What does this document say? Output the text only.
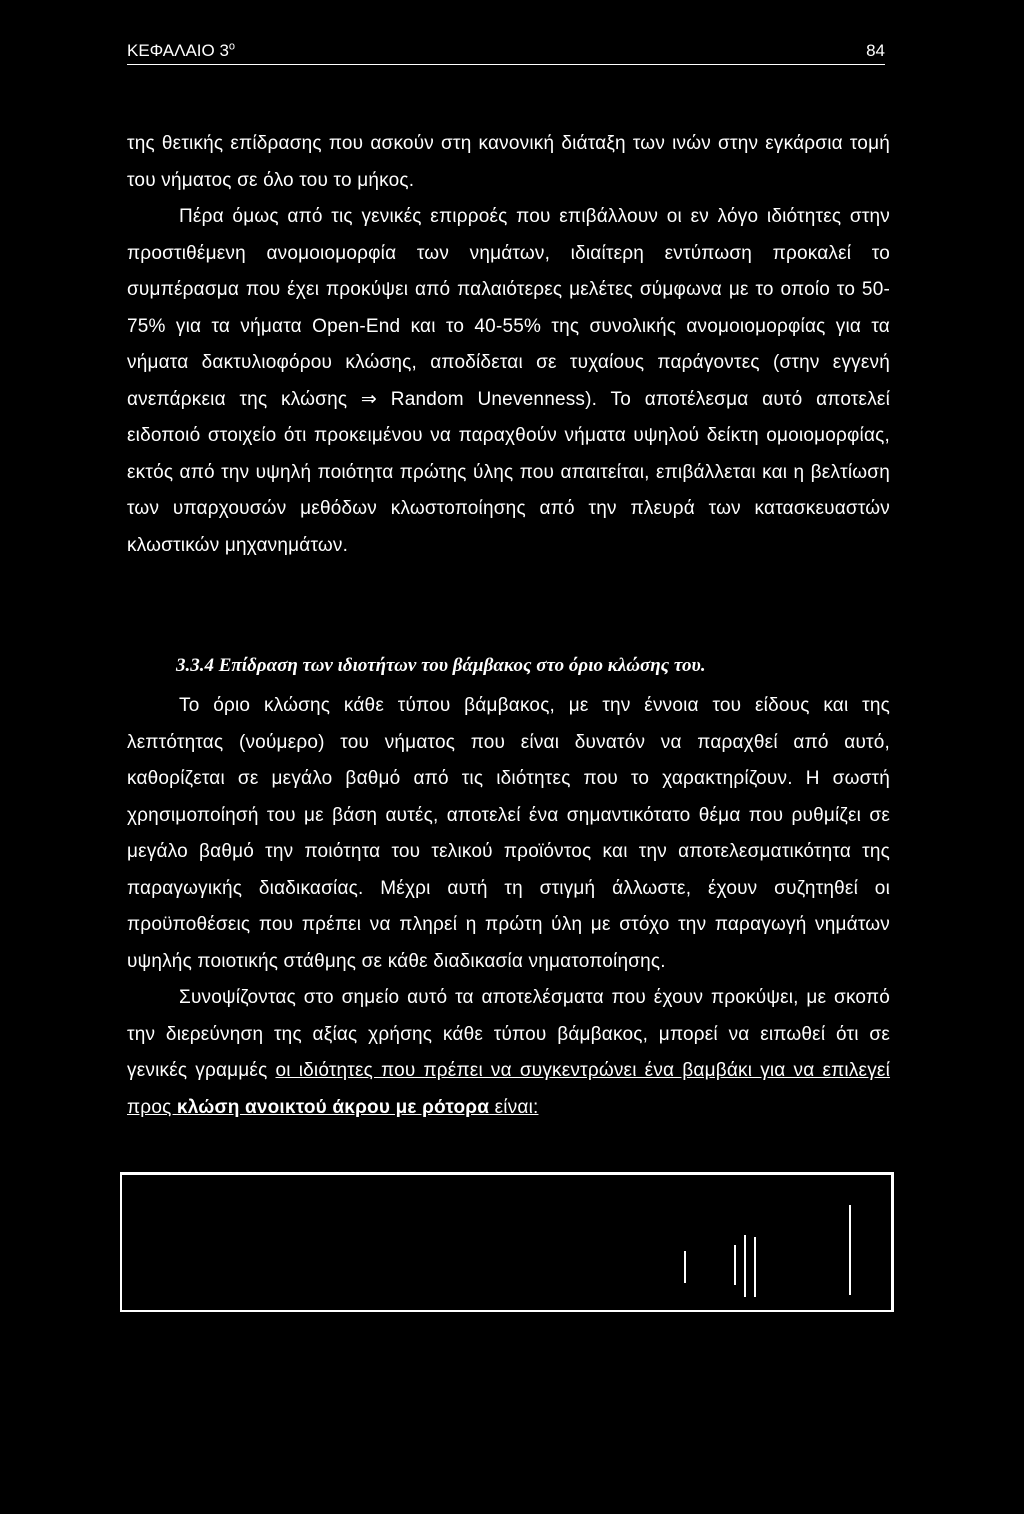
ΚΕΦΑΛΑΙΟ $3^o$	84

της θετικής επίδρασης που ασκούν στη κανονική διάταξη των ινών στην εγκάρσια τομή του νήματος σε όλο του το μήκος.

Πέρα όμως από τις γενικές επιρροές που επιβάλλουν οι εν λόγο ιδιότητες στην προστιθέμενη ανομοιομορφία των νημάτων, ιδιαίτερη εντύπωση προκαλεί το συμπέρασμα που έχει προκύψει από παλαιότερες μελέτες σύμφωνα με το οποίο το 50-75% για τα νήματα Open-End και το 40-55% της συνολικής ανομοιομορφίας για τα νήματα δακτυλιοφόρου κλώσης, αποδίδεται σε τυχαίους παράγοντες (στην εγγενή ανεπάρκεια της κλώσης ⇒ Random Unevenness). Το αποτέλεσμα αυτό αποτελεί ειδοποιό στοιχείο ότι προκειμένου να παραχθούν νήματα υψηλού δείκτη ομοιομορφίας, εκτός από την υψηλή ποιότητα πρώτης ύλης που απαιτείται, επιβάλλεται και η βελτίωση των υπαρχουσών μεθόδων κλωστοποίησης από την πλευρά των κατασκευαστών κλωστικών μηχανημάτων.

3.3.4 Επίδραση των ιδιοτήτων του βάμβακος στο όριο κλώσης του.

Το όριο κλώσης κάθε τύπου βάμβακος, με την έννοια του είδους και της λεπτότητας (νούμερο) του νήματος που είναι δυνατόν να παραχθεί από αυτό, καθορίζεται σε μεγάλο βαθμό από τις ιδιότητες που το χαρακτηρίζουν. Η σωστή χρησιμοποίησή του με βάση αυτές, αποτελεί ένα σημαντικότατο θέμα που ρυθμίζει σε μεγάλο βαθμό την ποιότητα του τελικού προϊόντος και την αποτελεσματικότητα της παραγωγικής διαδικασίας. Μέχρι αυτή τη στιγμή άλλωστε, έχουν συζητηθεί οι προϋποθέσεις που πρέπει να πληρεί η πρώτη ύλη με στόχο την παραγωγή νημάτων υψηλής ποιοτικής στάθμης σε κάθε διαδικασία νηματοποίησης.

Συνοψίζοντας στο σημείο αυτό τα αποτελέσματα που έχουν προκύψει, με σκοπό την διερεύνηση της αξίας χρήσης κάθε τύπου βάμβακος, μπορεί να ειπωθεί ότι σε γενικές γραμμές οι ιδιότητες που πρέπει να συγκεντρώνει ένα βαμβάκι για να επιλεγεί προς κλώση ανοικτού άκρου με ρότορα είναι:
